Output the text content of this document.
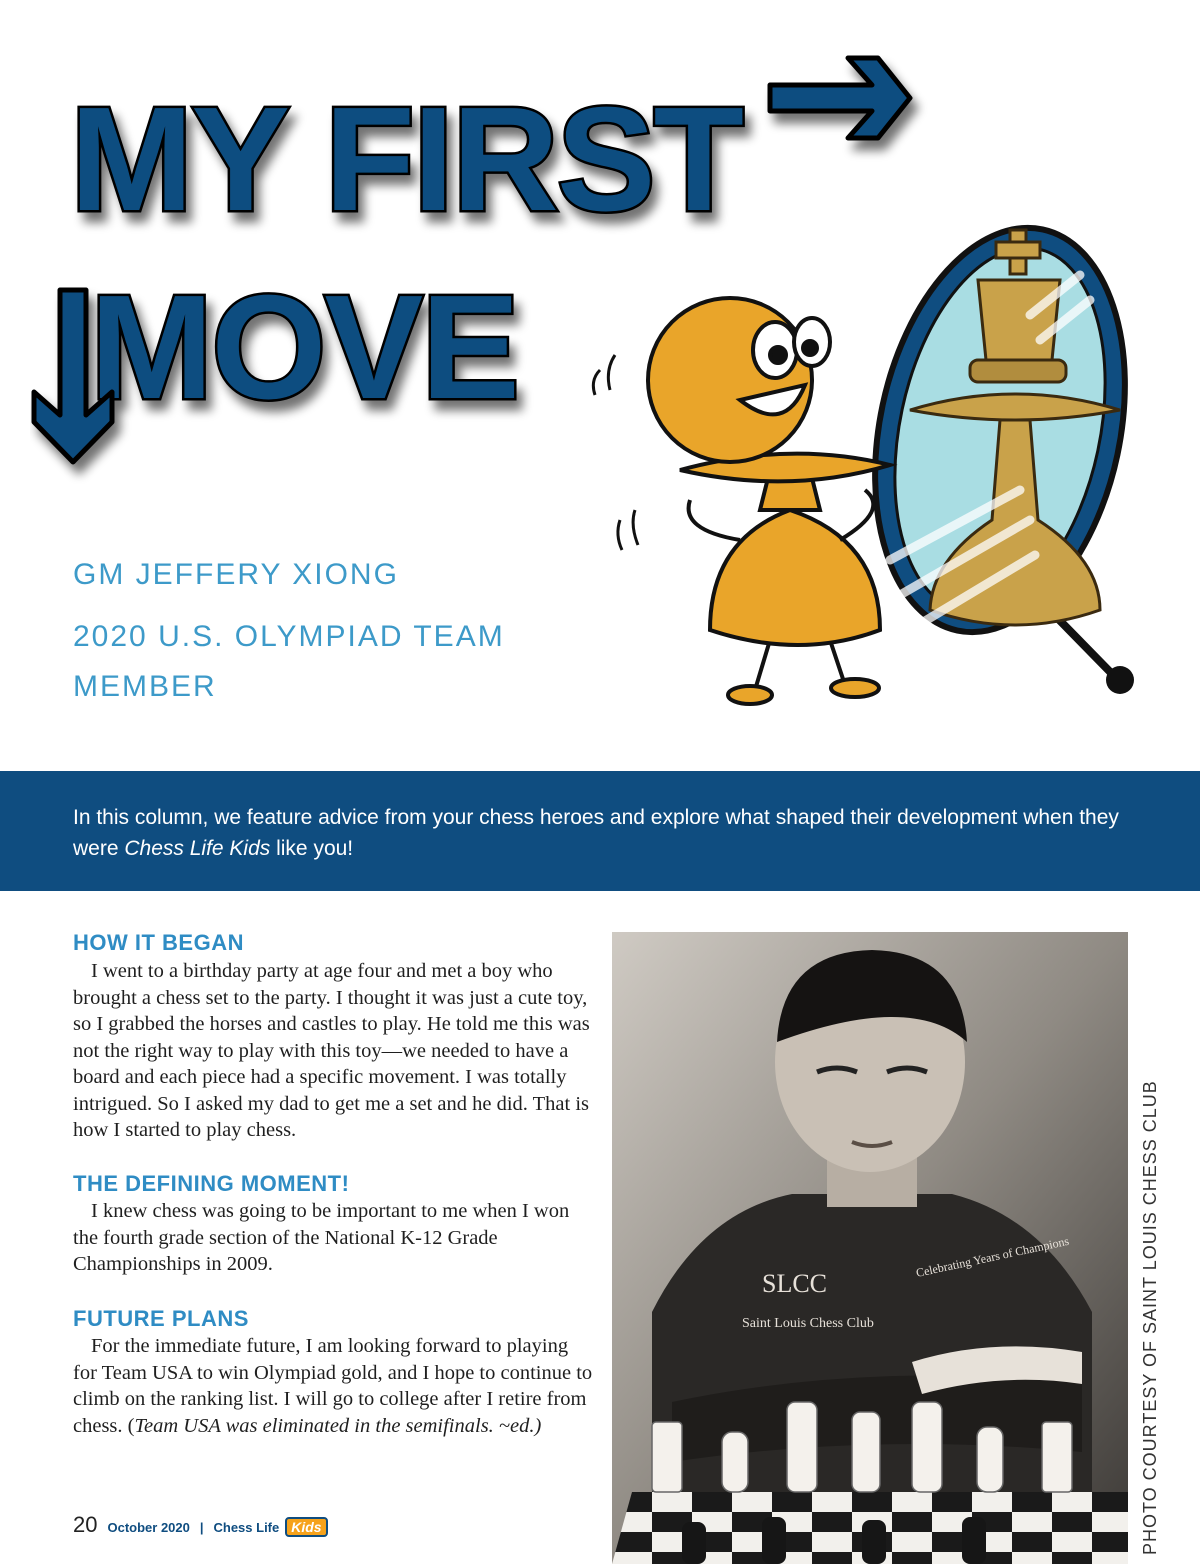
MY FIRST
MOVE
GM JEFFERY XIONG
2020 U.S. OLYMPIAD TEAM MEMBER
In this column, we feature advice from your chess heroes and explore what shaped their development when they were Chess Life Kids like you!
HOW IT BEGAN

I went to a birthday party at age four and met a boy who brought a chess set to the party. I thought it was just a cute toy, so I grabbed the horses and castles to play. He told me this was not the right way to play with this toy—we needed to have a board and each piece had a specific movement. I was totally intrigued. So I asked my dad to get me a set and he did. That is how I started to play chess.

THE DEFINING MOMENT!

I knew chess was going to be important to me when I won the fourth grade section of the National K-12 Grade Championships in 2009.

FUTURE PLANS

For the immediate future, I am looking forward to playing for Team USA to win Olympiad gold, and I hope to continue to climb on the ranking list. I will go to college after I retire from chess. (Team USA was eliminated in the semifinals. ~ed.)

SLCC
Saint Louis Chess Club
Celebrating Years of Champions	PHOTO COURTESY OF SAINT LOUIS CHESS CLUB
20 October 2020 | Chess Life Kids
